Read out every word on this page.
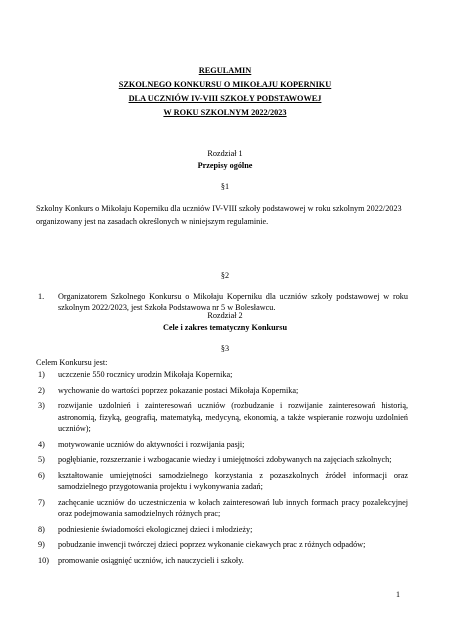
REGULAMIN
SZKOLNEGO KONKURSU O MIKOŁAJU KOPERNIKU
DLA UCZNIÓW IV-VIII SZKOŁY PODSTAWOWEJ
W ROKU SZKOLNYM 2022/2023
Rozdział 1
Przepisy ogólne
§1
Szkolny Konkurs o Mikołaju Koperniku dla uczniów IV-VIII szkoły podstawowej w roku szkolnym 2022/2023 organizowany jest na zasadach określonych w niniejszym regulaminie.
§2
1.	Organizatorem Szkolnego Konkursu o Mikołaju Koperniku dla uczniów szkoły podstawowej w roku szkolnym 2022/2023, jest Szkoła Podstawowa nr 5 w Bolesławcu.
Rozdział 2
Cele i zakres tematyczny Konkursu
§3
Celem Konkursu jest:
1)	uczczenie 550 rocznicy urodzin Mikołaja Kopernika;
2)	wychowanie do wartości poprzez pokazanie postaci Mikołaja Kopernika;
3)	rozwijanie uzdolnień i zainteresowań uczniów (rozbudzanie i rozwijanie zainteresowań historią, astronomią, fizyką, geografią, matematyką, medycyną, ekonomią, a także wspieranie rozwoju uzdolnień uczniów);
4)	motywowanie uczniów do aktywności i rozwijania pasji;
5)	pogłębianie, rozszerzanie i wzbogacanie wiedzy i umiejętności zdobywanych na zajęciach szkolnych;
6)	kształtowanie umiejętności samodzielnego korzystania z pozaszkolnych źródeł informacji oraz samodzielnego przygotowania projektu i wykonywania zadań;
7)	zachęcanie uczniów do uczestniczenia w kołach zainteresowań lub innych formach pracy pozalekcyjnej oraz podejmowania samodzielnych różnych prac;
8)	podniesienie świadomości ekologicznej dzieci i młodzieży;
9)	pobudzanie inwencji twórczej dzieci poprzez wykonanie ciekawych prac z różnych odpadów;
10)	promowanie osiągnięć uczniów, ich nauczycieli i szkoły.
1
